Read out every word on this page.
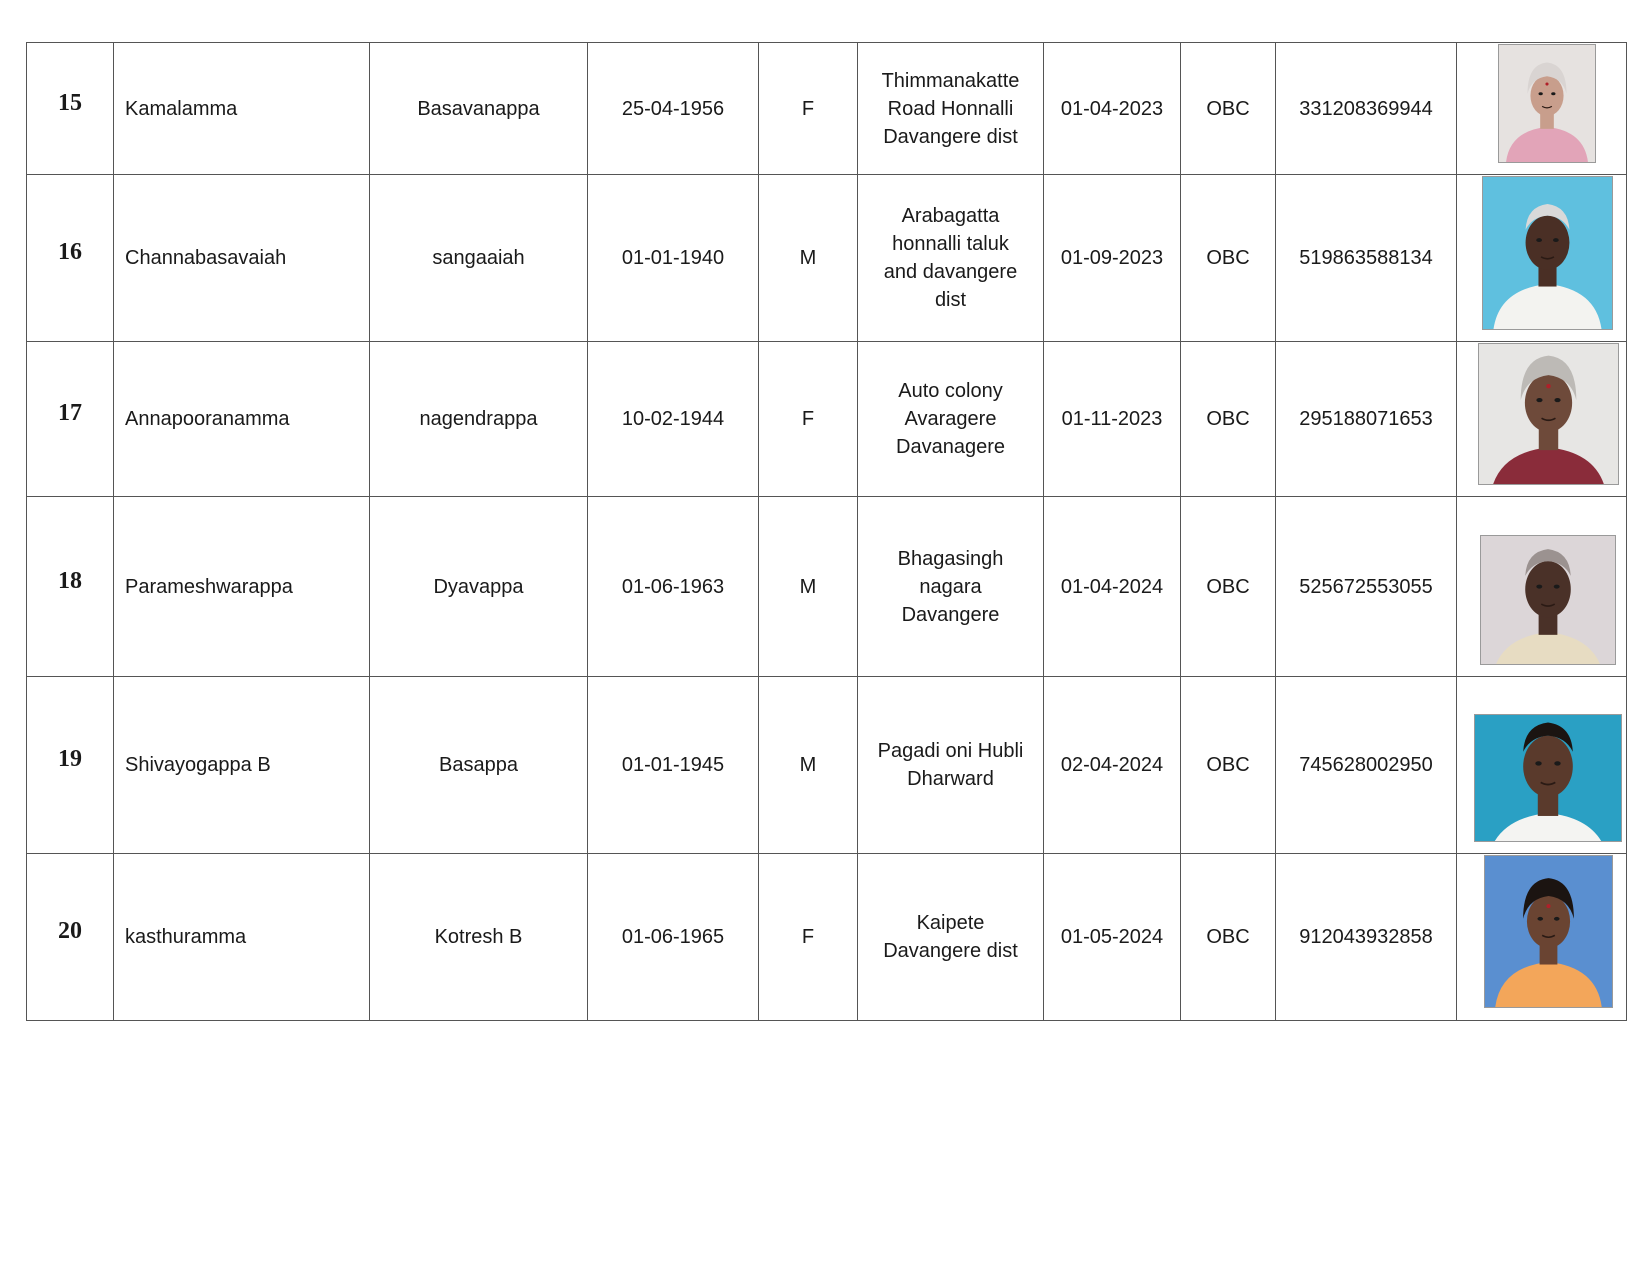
15	Kamalamma	Basavanappa	25-04-1956	F	Thimmanakatte
Road Honnalli
Davangere dist	01-04-2023	OBC	331208369944	

16	Channabasavaiah	sangaaiah	01-01-1940	M	Arabagatta
honnalli taluk
and davangere
dist	01-09-2023	OBC	519863588134	

17	Annapooranamma	nagendrappa	10-02-1944	F	Auto colony
Avaragere
Davanagere	01-11-2023	OBC	295188071653	

18	Parameshwarappa	Dyavappa	01-06-1963	M	Bhagasingh
nagara
Davangere	01-04-2024	OBC	525672553055	

19	Shivayogappa B	Basappa	01-01-1945	M	Pagadi oni Hubli
Dharward	02-04-2024	OBC	745628002950	

20	kasthuramma	Kotresh B	01-06-1965	F	Kaipete
Davangere dist	01-05-2024	OBC	912043932858	
